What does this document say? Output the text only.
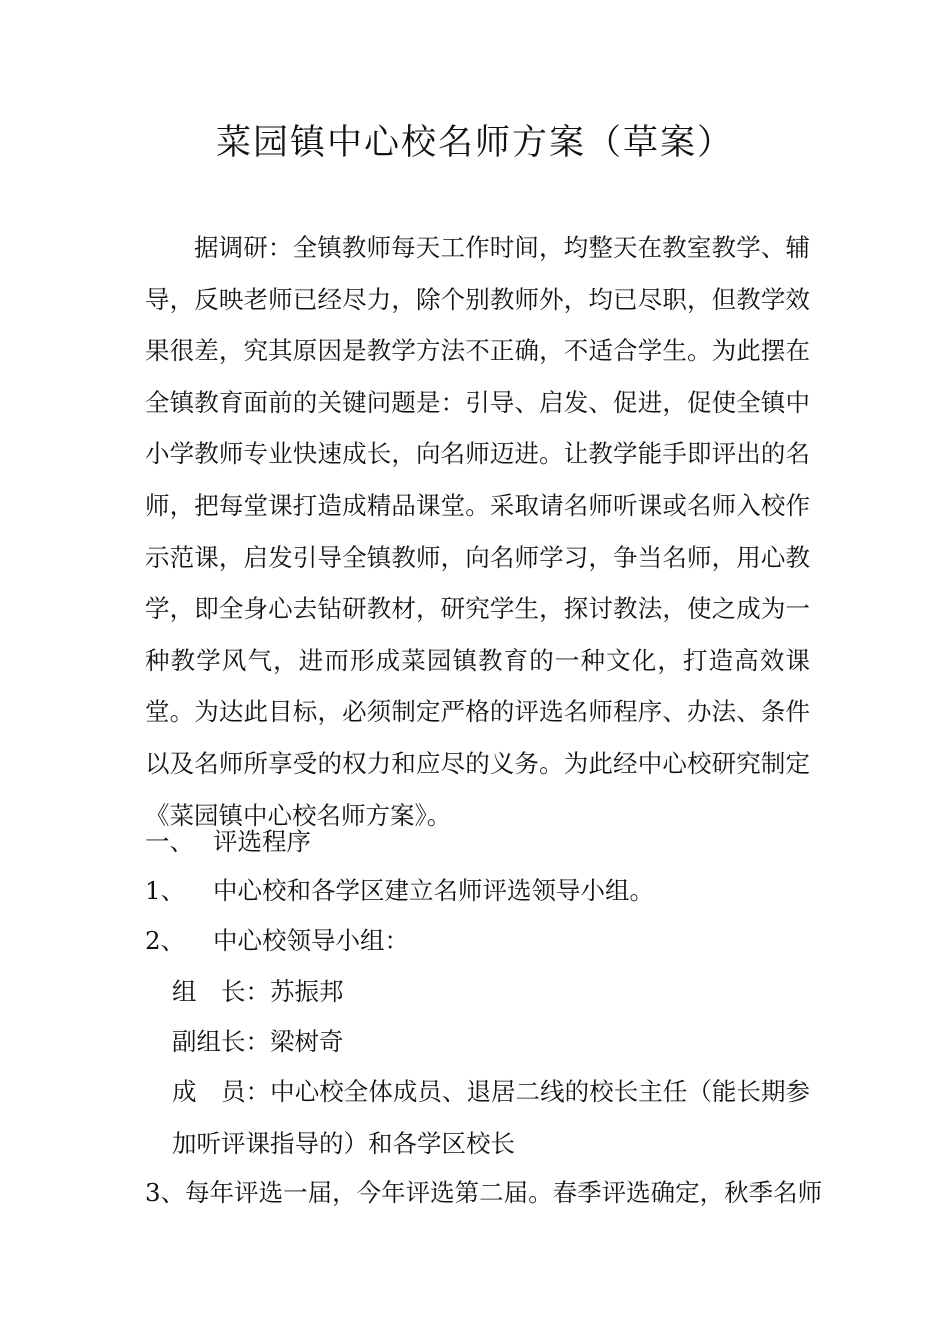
菜园镇中心校名师方案（草案）

据调研：全镇教师每天工作时间，均整天在教室教学、辅导，反映老师已经尽力，除个别教师外，均已尽职，但教学效果很差，究其原因是教学方法不正确，不适合学生。为此摆在全镇教育面前的关键问题是：引导、启发、促进，促使全镇中小学教师专业快速成长，向名师迈进。让教学能手即评出的名师，把每堂课打造成精品课堂。采取请名师听课或名师入校作示范课，启发引导全镇教师，向名师学习，争当名师，用心教学，即全身心去钻研教材，研究学生，探讨教法，使之成为一种教学风气，进而形成菜园镇教育的一种文化，打造高效课堂。为达此目标，必须制定严格的评选名师程序、办法、条件以及名师所享受的权力和应尽的义务。为此经中心校研究制定《菜园镇中心校名师方案》。

一、 评选程序

1、 中心校和各学区建立名师评选领导小组。

2、 中心校领导小组：

组　长：苏振邦

副组长：梁树奇

成　员：中心校全体成员、退居二线的校长主任（能长期参加听评课指导的）和各学区校长

3、每年评选一届，今年评选第二届。春季评选确定，秋季名师
